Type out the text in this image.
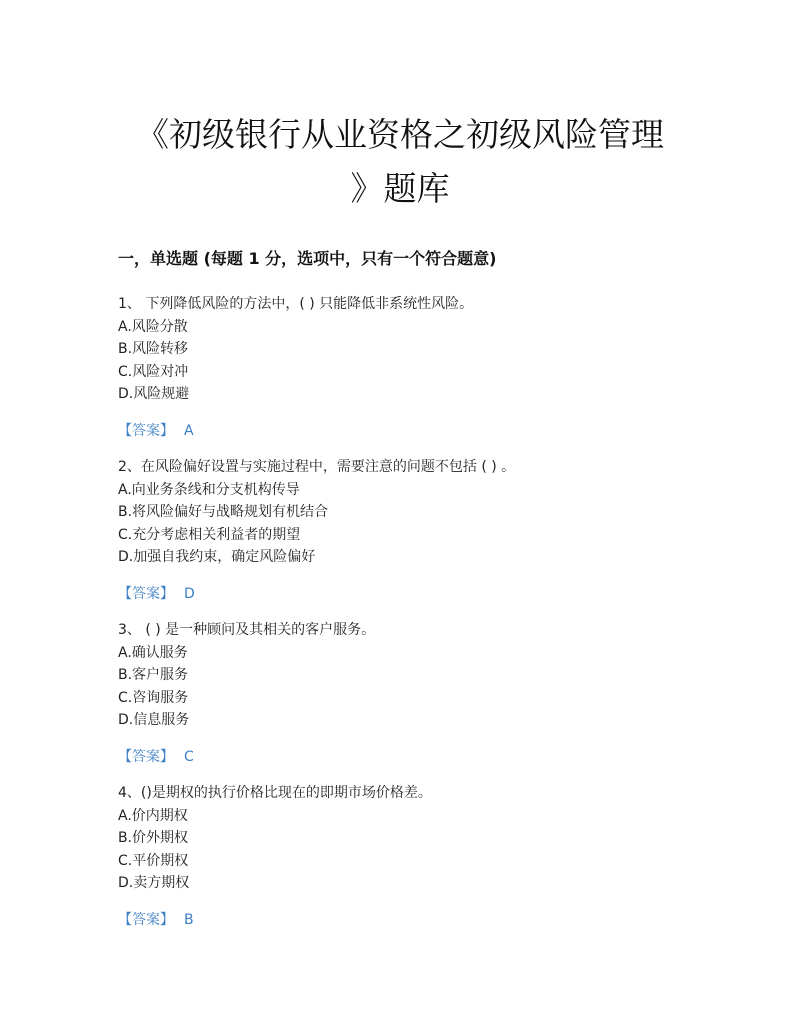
《初级银行从业资格之初级风险管理
》题库
一，单选题 (每题 1 分，选项中，只有一个符合题意)
1、 下列降低风险的方法中，( ) 只能降低非系统性风险。
A.风险分散
B.风险转移
C.风险对冲
D.风险规避
【答案】 A
2、在风险偏好设置与实施过程中，需要注意的问题不包括 ( ) 。
A.向业务条线和分支机构传导
B.将风险偏好与战略规划有机结合
C.充分考虑相关利益者的期望
D.加强自我约束，确定风险偏好
【答案】 D
3、 ( ) 是一种顾问及其相关的客户服务。
A.确认服务
B.客户服务
C.咨询服务
D.信息服务
【答案】 C
4、()是期权的执行价格比现在的即期市场价格差。
A.价内期权
B.价外期权
C.平价期权
D.卖方期权
【答案】 B
